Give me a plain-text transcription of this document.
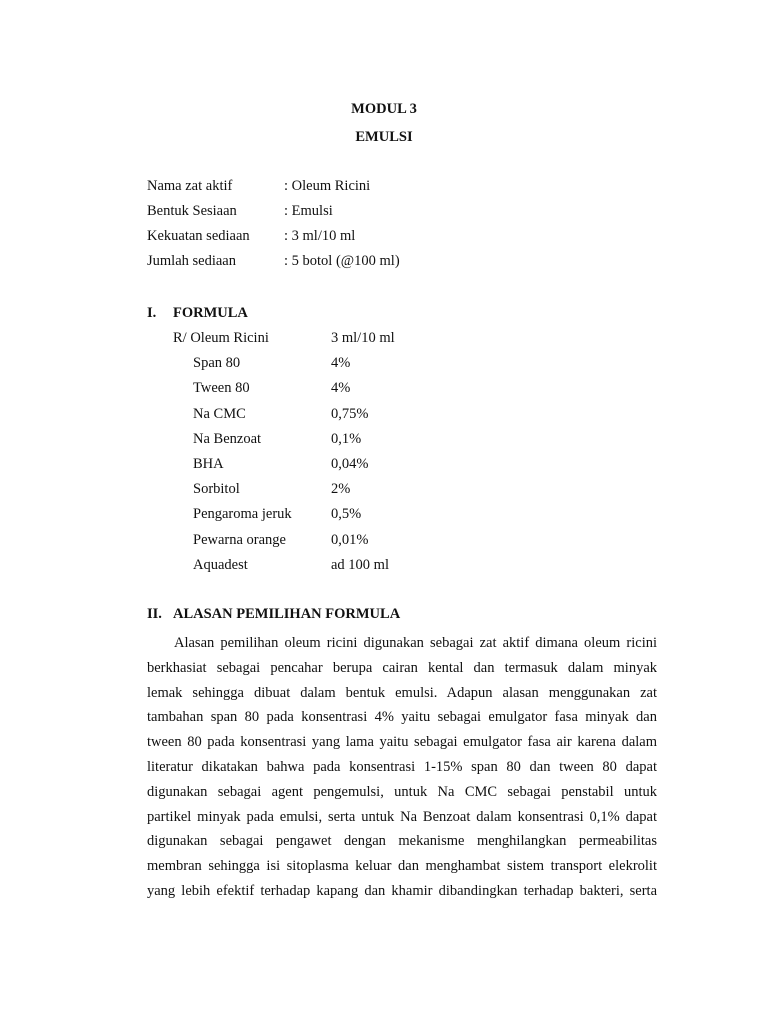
MODUL 3
EMULSI
Nama zat aktif	: Oleum Ricini
Bentuk Sesiaan	: Emulsi
Kekuatan sediaan : 3 ml/10 ml
Jumlah sediaan	: 5 botol (@100 ml)
I. FORMULA
R/ Oleum Ricini	3 ml/10 ml
Span 80	4%
Tween 80	4%
Na CMC	0,75%
Na Benzoat	0,1%
BHA	0,04%
Sorbitol	2%
Pengaroma jeruk	0,5%
Pewarna orange	0,01%
Aquadest	ad 100 ml
II. ALASAN PEMILIHAN FORMULA
Alasan pemilihan oleum ricini digunakan sebagai zat aktif dimana oleum ricini
berkhasiat sebagai pencahar berupa cairan kental dan termasuk dalam minyak
lemak sehingga dibuat dalam bentuk emulsi. Adapun alasan menggunakan zat
tambahan span 80 pada konsentrasi 4% yaitu sebagai emulgator fasa minyak dan
tween 80 pada konsentrasi yang lama yaitu sebagai emulgator fasa air karena dalam
literatur dikatakan bahwa pada konsentrasi 1-15% span 80 dan tween 80 dapat
digunakan sebagai agent pengemulsi, untuk Na CMC sebagai penstabil untuk
partikel minyak pada emulsi, serta untuk Na Benzoat dalam konsentrasi 0,1% dapat
digunakan sebagai pengawet dengan mekanisme menghilangkan permeabilitas
membran sehingga isi sitoplasma keluar dan menghambat sistem transport elekrolit
yang lebih efektif terhadap kapang dan khamir dibandingkan terhadap bakteri, serta
